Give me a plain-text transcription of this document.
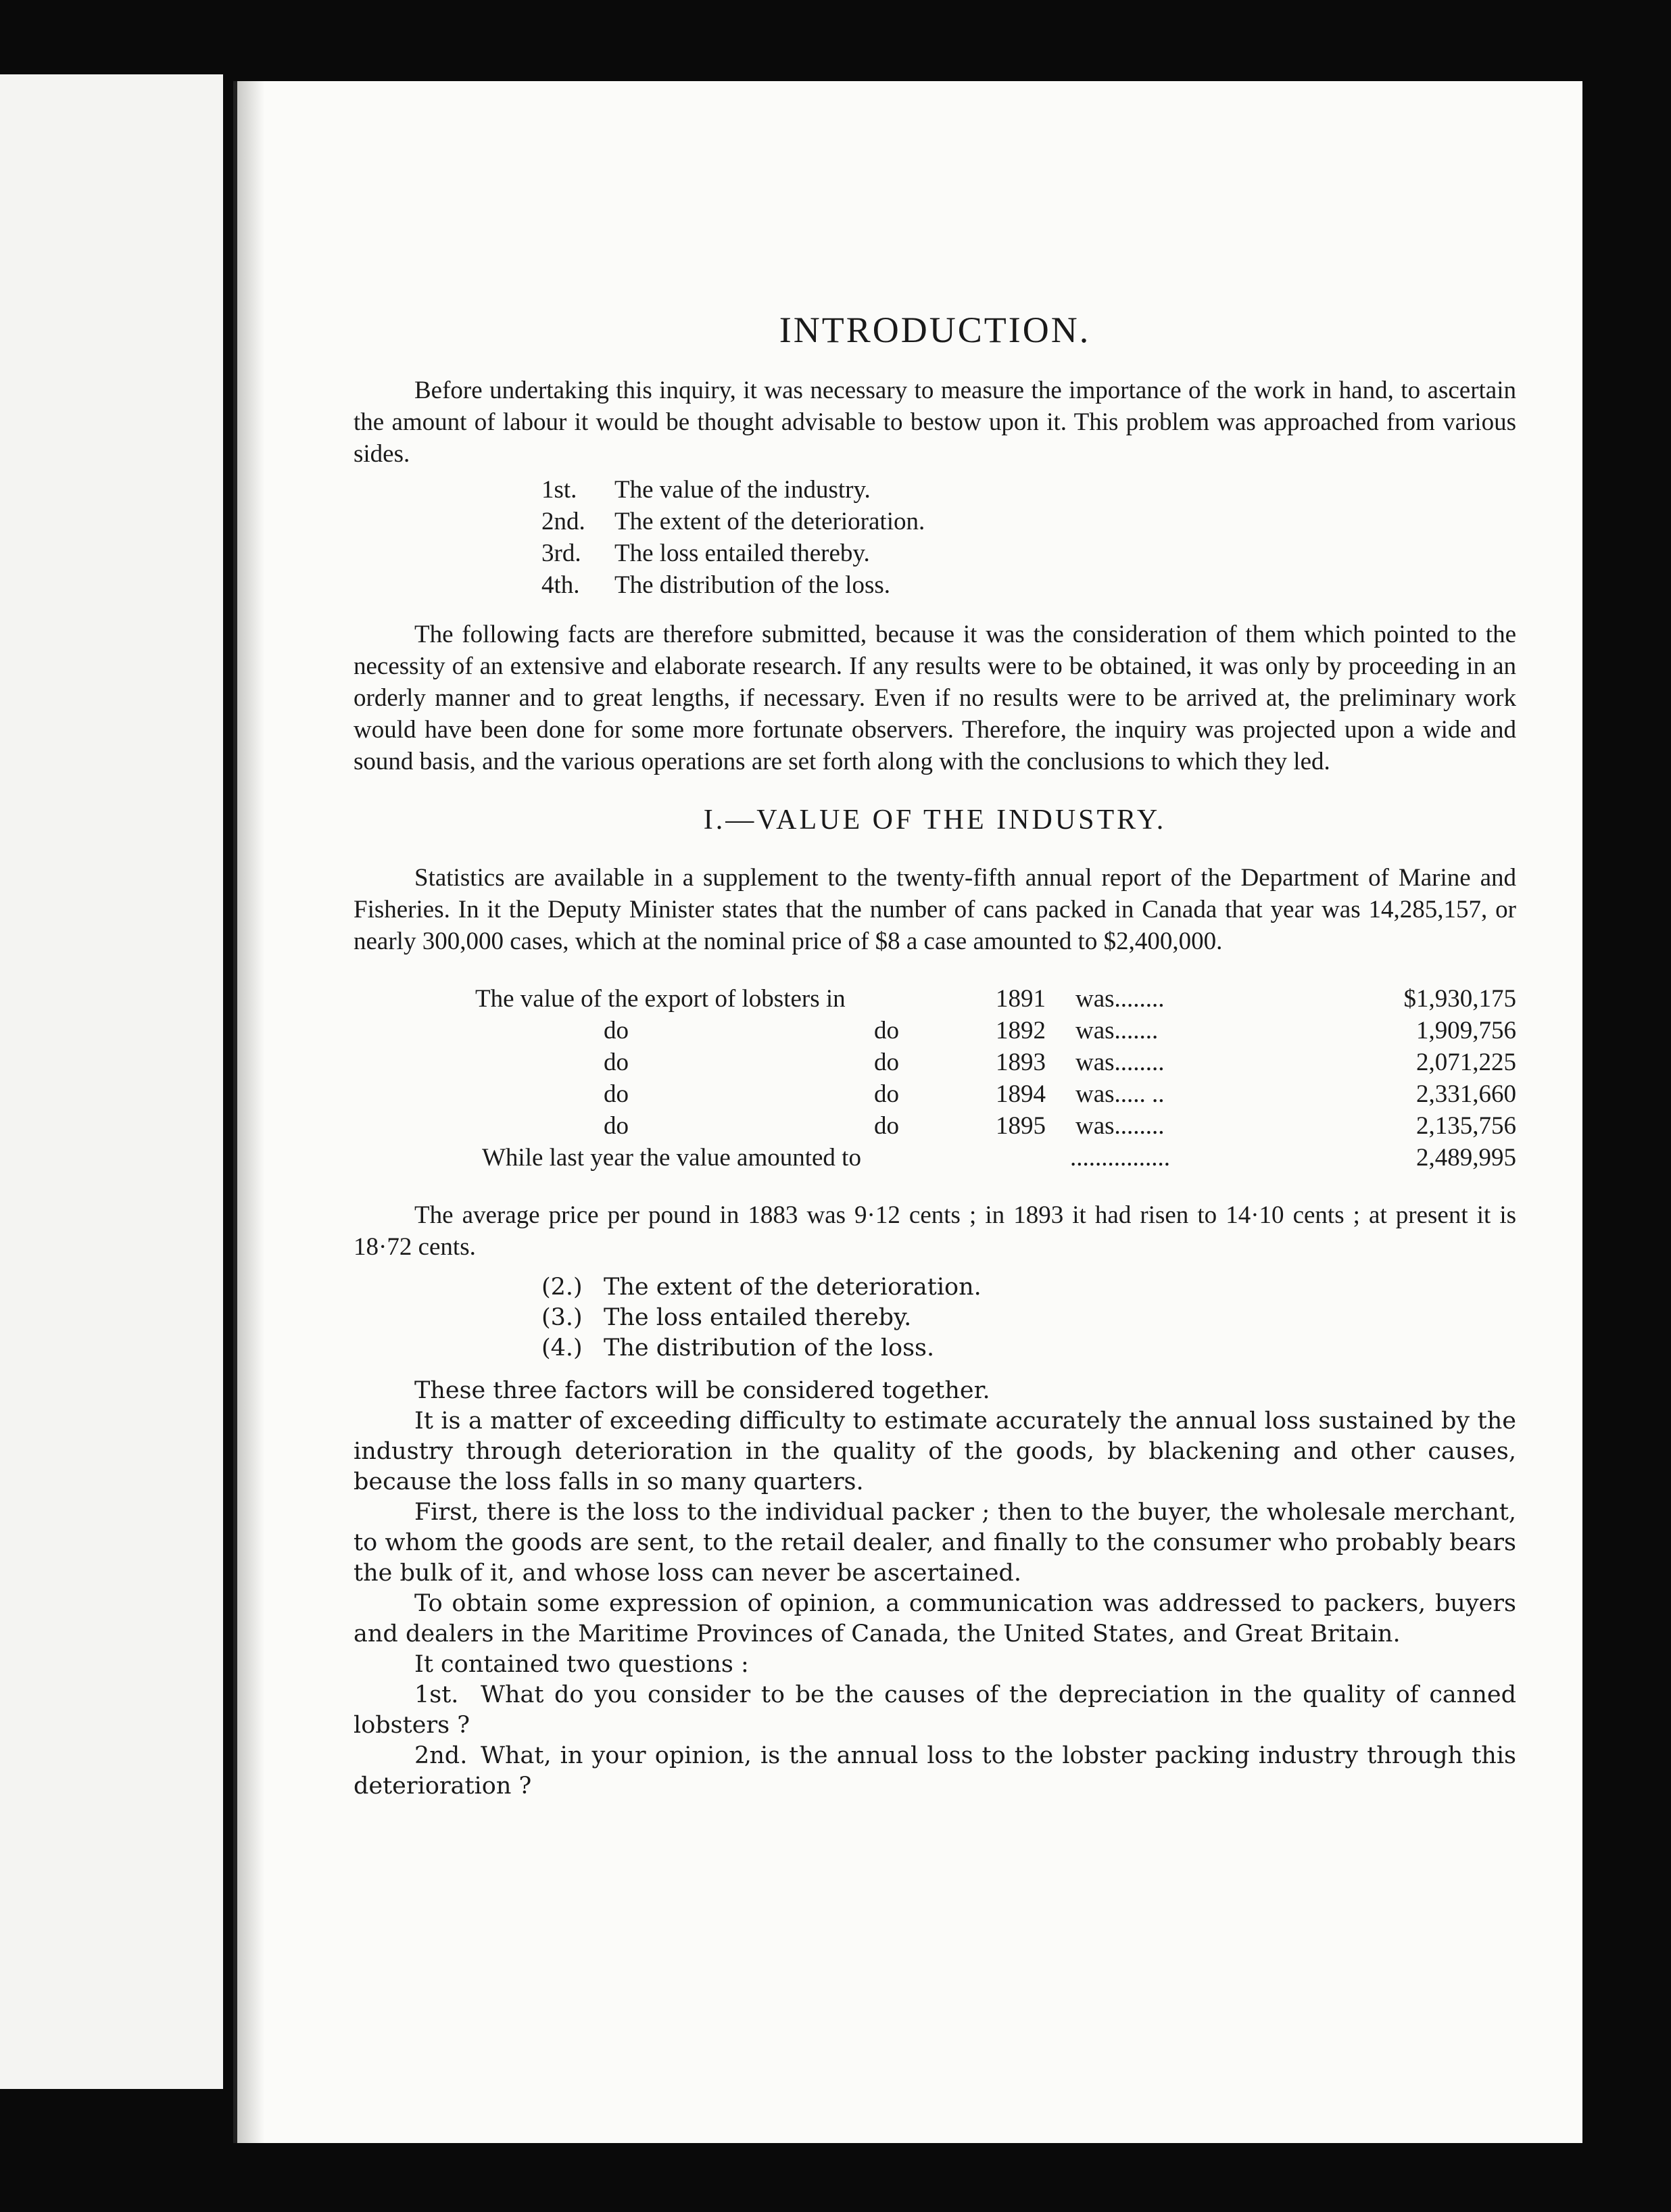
INTRODUCTION.

Before undertaking this inquiry, it was necessary to measure the importance of the work in hand, to ascertain the amount of labour it would be thought advisable to bestow upon it. This problem was approached from various sides.

1st. The value of the industry.
2nd. The extent of the deterioration.
3rd. The loss entailed thereby.
4th. The distribution of the loss.

The following facts are therefore submitted, because it was the consideration of them which pointed to the necessity of an extensive and elaborate research. If any results were to be obtained, it was only by proceeding in an orderly manner and to great lengths, if necessary. Even if no results were to be arrived at, the preliminary work would have been done for some more fortunate observers. Therefore, the inquiry was projected upon a wide and sound basis, and the various operations are set forth along with the conclusions to which they led.

I.—VALUE OF THE INDUSTRY.

Statistics are available in a supplement to the twenty-fifth annual report of the Department of Marine and Fisheries. In it the Deputy Minister states that the number of cans packed in Canada that year was 14,285,157, or nearly 300,000 cases, which at the nominal price of $8 a case amounted to $2,400,000.

The value of the export of lobsters in	1891 was........	$1,930,175
do	do	1892 was.......	1,909,756
do	do	1893 was........	2,071,225
do	do	1894 was..... ..	2,331,660
do	do	1895 was........	2,135,756
While last year the value amounted to	................	2,489,995

The average price per pound in 1883 was 9·12 cents ; in 1893 it had risen to 14·10 cents ; at present it is 18·72 cents.

(2.) The extent of the deterioration.
(3.) The loss entailed thereby.
(4.) The distribution of the loss.

These three factors will be considered together.

It is a matter of exceeding difficulty to estimate accurately the annual loss sustained by the industry through deterioration in the quality of the goods, by blackening and other causes, because the loss falls in so many quarters.

First, there is the loss to the individual packer ; then to the buyer, the wholesale merchant, to whom the goods are sent, to the retail dealer, and finally to the consumer who probably bears the bulk of it, and whose loss can never be ascertained.

To obtain some expression of opinion, a communication was addressed to packers, buyers and dealers in the Maritime Provinces of Canada, the United States, and Great Britain.

It contained two questions :

1st. What do you consider to be the causes of the depreciation in the quality of canned lobsters ?

2nd. What, in your opinion, is the annual loss to the lobster packing industry through this deterioration ?
